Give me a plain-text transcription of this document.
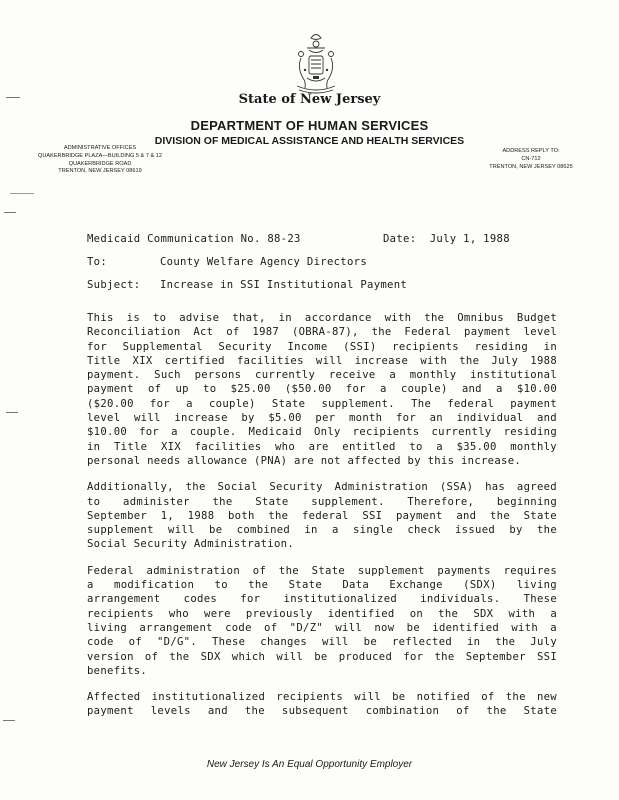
State of New Jersey
DEPARTMENT OF HUMAN SERVICES
DIVISION OF MEDICAL ASSISTANCE AND HEALTH SERVICES
ADMINISTRATIVE OFFICES
QUAKERBRIDGE PLAZA—BUILDING 5 & 7 & 12
QUAKERBRIDGE ROAD
TRENTON, NEW JERSEY 08619
ADDRESS REPLY TO:
CN-712
TRENTON, NEW JERSEY 08625
Medicaid Communication No. 88-23	Date: July 1, 1988
To:	County Welfare Agency Directors
Subject: Increase in SSI Institutional Payment
This is to advise that, in accordance with the Omnibus Budget
Reconciliation Act of 1987 (OBRA-87), the Federal payment level
for Supplemental Security Income (SSI) recipients residing in
Title XIX certified facilities will increase with the July 1988
payment. Such persons currently receive a monthly institutional
payment of up to $25.00 ($50.00 for a couple) and a $10.00
($20.00 for a couple) State supplement. The federal payment
level will increase by $5.00 per month for an individual and
$10.00 for a couple. Medicaid Only recipients currently residing
in Title XIX facilities who are entitled to a $35.00 monthly
personal needs allowance (PNA) are not affected by this increase.
Additionally, the Social Security Administration (SSA) has agreed
to administer the State supplement. Therefore, beginning
September 1, 1988 both the federal SSI payment and the State
supplement will be combined in a single check issued by the
Social Security Administration.
Federal administration of the State supplement payments requires
a modification to the State Data Exchange (SDX) living
arrangement codes for institutionalized individuals. These
recipients who were previously identified on the SDX with a
living arrangement code of "D/Z" will now be identified with a
code of "D/G". These changes will be reflected in the July
version of the SDX which will be produced for the September SSI
benefits.
Affected institutionalized recipients will be notified of the new
payment levels and the subsequent combination of the State
New Jersey Is An Equal Opportunity Employer
